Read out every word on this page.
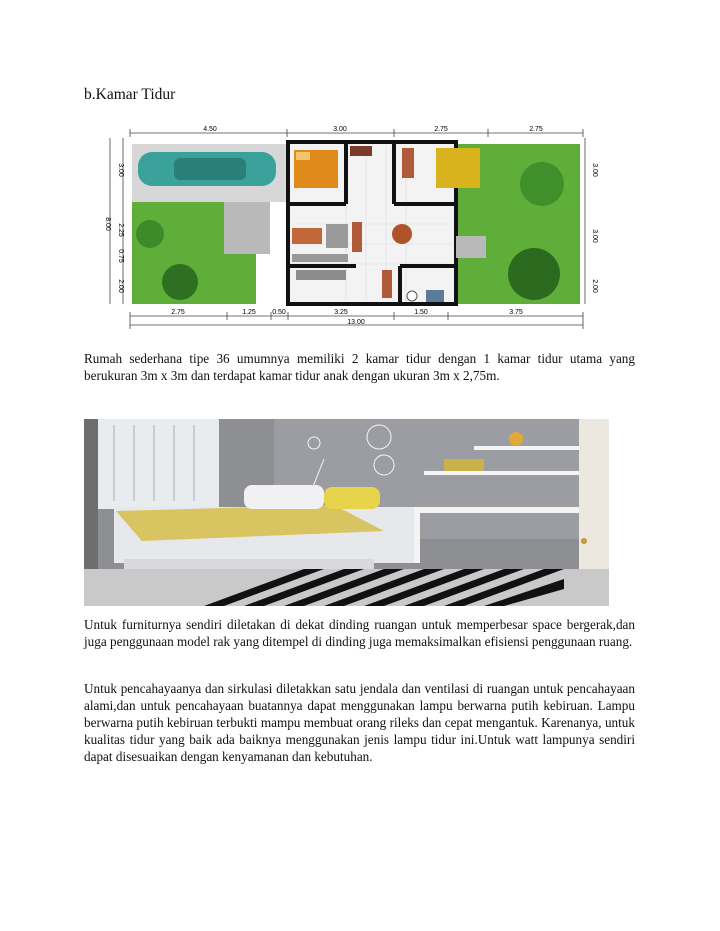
b.Kamar Tidur
4.50	3.00	2.75	2.75
8.00
3.00
2.25
0.75
2.00
3.00
3.00
2.00
2.75	1.25 0.50	3.25	1.50	3.75
13.00
Rumah sederhana tipe 36 umumnya memiliki 2 kamar tidur dengan 1 kamar tidur utama yang berukuran 3m x 3m dan terdapat kamar tidur anak dengan ukuran 3m x 2,75m.
Untuk furniturnya sendiri diletakan di dekat dinding ruangan untuk memperbesar space bergerak,dan juga penggunaan model rak yang ditempel di dinding juga memaksimalkan efisiensi penggunaan ruang.
Untuk pencahayaanya dan sirkulasi diletakkan satu jendala dan ventilasi di ruangan untuk pencahayaan alami,dan untuk pencahayaan buatannya dapat menggunakan lampu berwarna putih kebiruan. Lampu berwarna putih kebiruan terbukti mampu membuat orang rileks dan cepat mengantuk. Karenanya, untuk kualitas tidur yang baik ada baiknya menggunakan jenis lampu tidur ini.Untuk watt lampunya sendiri dapat disesuaikan dengan kenyamanan dan kebutuhan.
